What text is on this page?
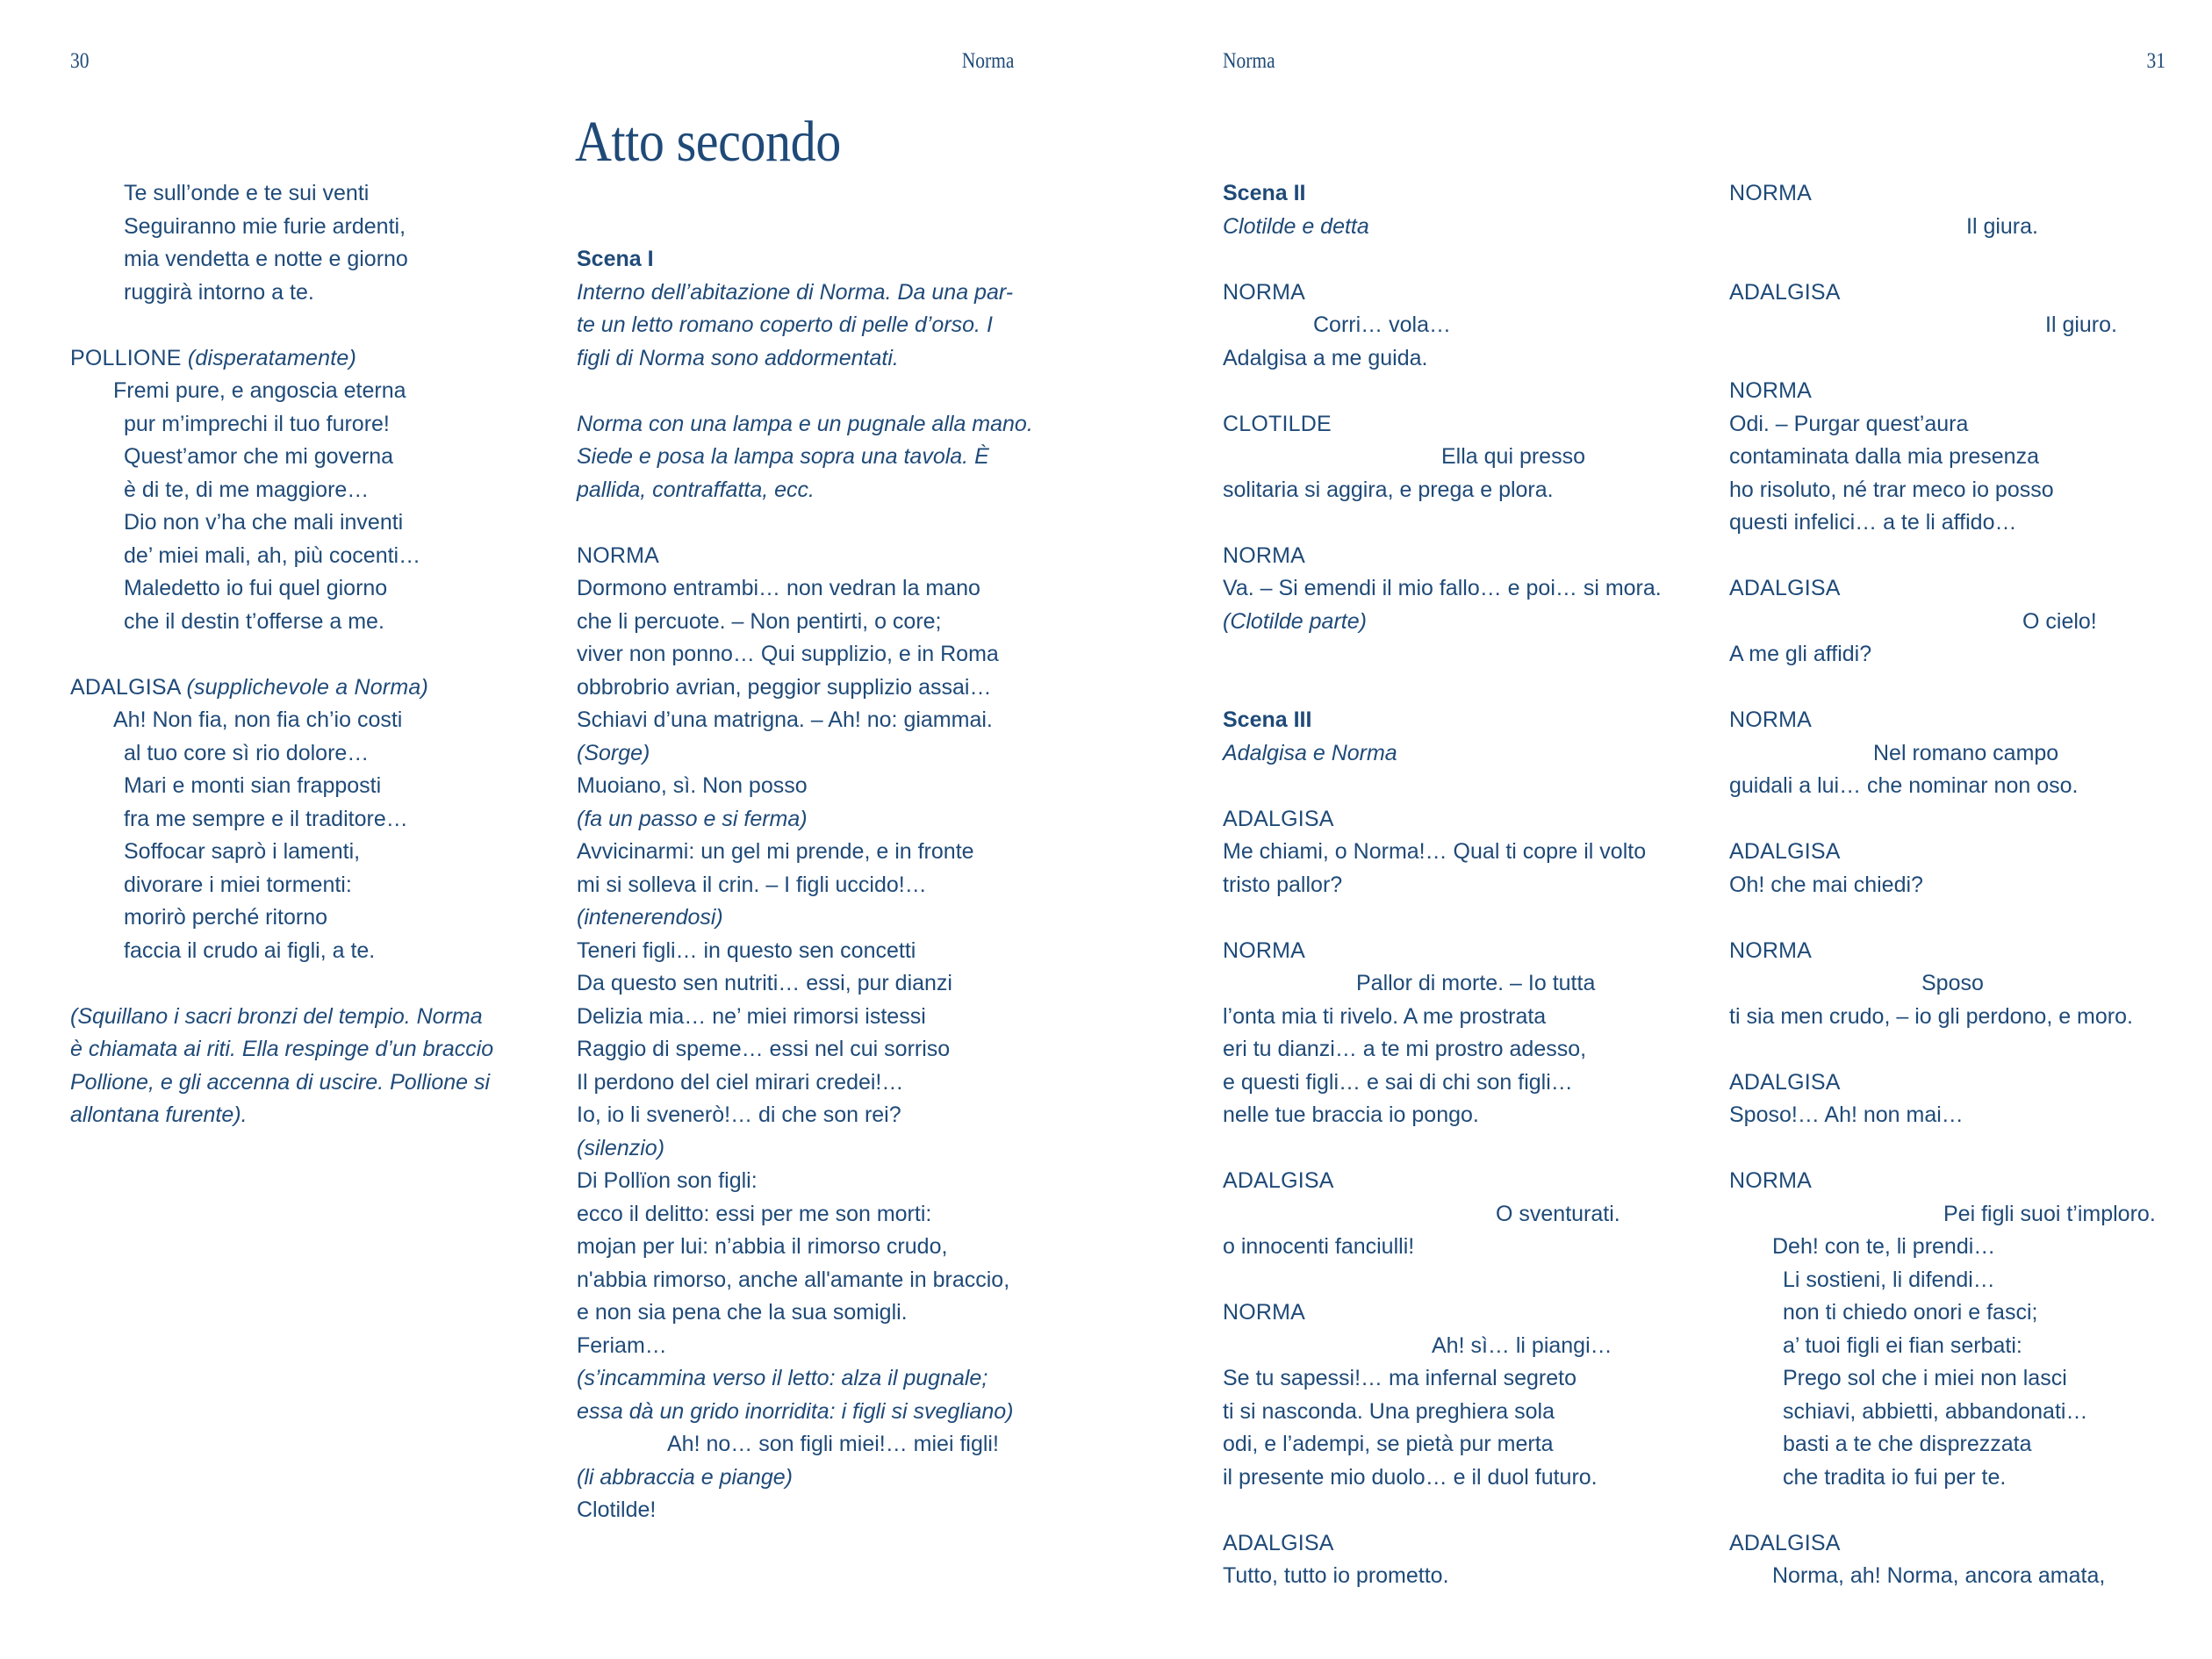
30	Norma	Norma	31
Atto secondo
Te sull’onde e te sui venti
Seguiranno mie furie ardenti,
mia vendetta e notte e giorno
ruggirà intorno a te.
POLLIONE (disperatamente)
Fremi pure, e angoscia eterna
pur m’imprechi il tuo furore!
Quest’amor che mi governa
è di te, di me maggiore…
Dio non v’ha che mali inventi
de’ miei mali, ah, più cocenti…
Maledetto io fui quel giorno
che il destin t’offerse a me.
ADALGISA (supplichevole a Norma)
Ah! Non fia, non fia ch’io costi
al tuo core sì rio dolore…
Mari e monti sian frapposti
fra me sempre e il traditore…
Soffocar saprò i lamenti,
divorare i miei tormenti:
morirò perché ritorno
faccia il crudo ai figli, a te.
(Squillano i sacri bronzi del tempio. Norma
è chiamata ai riti. Ella respinge d’un braccio
Pollione, e gli accenna di uscire. Pollione si
allontana furente).
Scena I
Interno dell’abitazione di Norma. Da una par-
te un letto romano coperto di pelle d’orso. I
figli di Norma sono addormentati.
Norma con una lampa e un pugnale alla mano.
Siede e posa la lampa sopra una tavola. È
pallida, contraffatta, ecc.
NORMA
Dormono entrambi… non vedran la mano
che li percuote. – Non pentirti, o core;
viver non ponno… Qui supplizio, e in Roma
obbrobrio avrian, peggior supplizio assai…
Schiavi d’una matrigna. – Ah! no: giammai.
(Sorge)
Muoiano, sì. Non posso
(fa un passo e si ferma)
Avvicinarmi: un gel mi prende, e in fronte
mi si solleva il crin. – I figli uccido!…
(intenerendosi)
Teneri figli… in questo sen concetti
Da questo sen nutriti… essi, pur dianzi
Delizia mia… ne’ miei rimorsi istessi
Raggio di speme… essi nel cui sorriso
Il perdono del ciel mirari credei!…
Io, io li svenerò!… di che son rei?
(silenzio)
Di Pollïon son figli:
ecco il delitto: essi per me son morti:
mojan per lui: n’abbia il rimorso crudo,
n'abbia rimorso, anche all'amante in braccio,
e non sia pena che la sua somigli.
Feriam…
(s’incammina verso il letto: alza il pugnale;
essa dà un grido inorridita: i figli si svegliano)
Ah! no… son figli miei!… miei figli!
(li abbraccia e piange)
Clotilde!
Scena II
Clotilde e detta
NORMA
Corri… vola…
Adalgisa a me guida.
CLOTILDE
Ella qui presso
solitaria si aggira, e prega e plora.
NORMA
Va. – Si emendi il mio fallo… e poi… si mora.
(Clotilde parte)
Scena III
Adalgisa e Norma
ADALGISA
Me chiami, o Norma!… Qual ti copre il volto
tristo pallor?
NORMA
Pallor di morte. – Io tutta
l’onta mia ti rivelo. A me prostrata
eri tu dianzi… a te mi prostro adesso,
e questi figli… e sai di chi son figli…
nelle tue braccia io pongo.
ADALGISA
O sventurati.
o innocenti fanciulli!
NORMA
Ah! sì… li piangi…
Se tu sapessi!… ma infernal segreto
ti si nasconda. Una preghiera sola
odi, e l’adempi, se pietà pur merta
il presente mio duolo… e il duol futuro.
ADALGISA
Tutto, tutto io prometto.
NORMA
Il giura.
ADALGISA
Il giuro.
NORMA
Odi. – Purgar quest’aura
contaminata dalla mia presenza
ho risoluto, né trar meco io posso
questi infelici… a te li affido…
ADALGISA
O cielo!
A me gli affidi?
NORMA
Nel romano campo
guidali a lui… che nominar non oso.
ADALGISA
Oh! che mai chiedi?
NORMA
Sposo
ti sia men crudo, – io gli perdono, e moro.
ADALGISA
Sposo!… Ah! non mai…
NORMA
Pei figli suoi t’imploro.
Deh! con te, li prendi…
Li sostieni, li difendi…
non ti chiedo onori e fasci;
a’ tuoi figli ei fian serbati:
Prego sol che i miei non lasci
schiavi, abbietti, abbandonati…
basti a te che disprezzata
che tradita io fui per te.
ADALGISA
Norma, ah! Norma, ancora amata,
